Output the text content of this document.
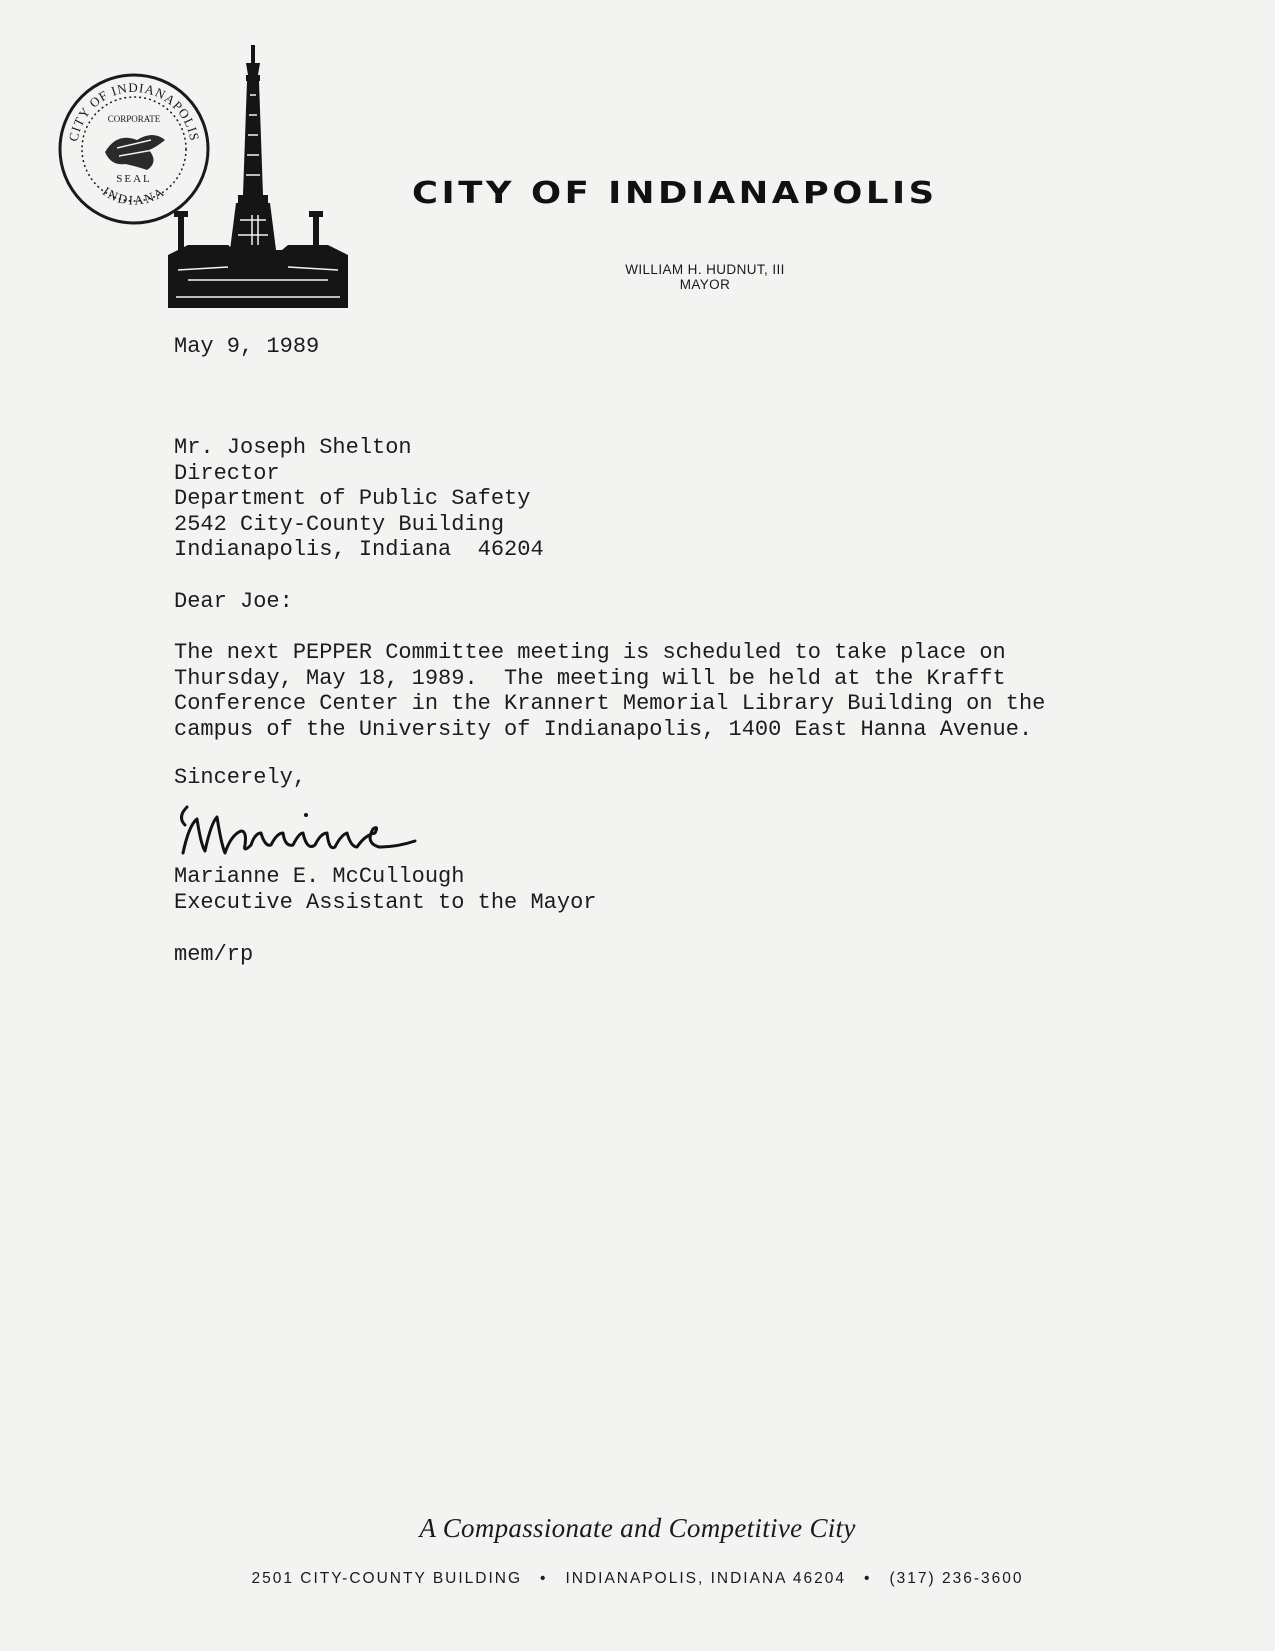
CITY OF INDIANAPOLIS
CORPORATE
SEAL
INDIANA	CITY OF INDIANAPOLIS
WILLIAM H. HUDNUT, III
MAYOR
May 9, 1989
Mr. Joseph Shelton
Director
Department of Public Safety
2542 City-County Building
Indianapolis, Indiana  46204
Dear Joe:
The next PEPPER Committee meeting is scheduled to take place on
Thursday, May 18, 1989.  The meeting will be held at the Krafft
Conference Center in the Krannert Memorial Library Building on the
campus of the University of Indianapolis, 1400 East Hanna Avenue.
Sincerely,
Marianne E. McCullough
Executive Assistant to the Mayor
mem/rp
A Compassionate and Competitive City
2501 CITY-COUNTY BUILDING • INDIANAPOLIS, INDIANA 46204 • (317) 236-3600
